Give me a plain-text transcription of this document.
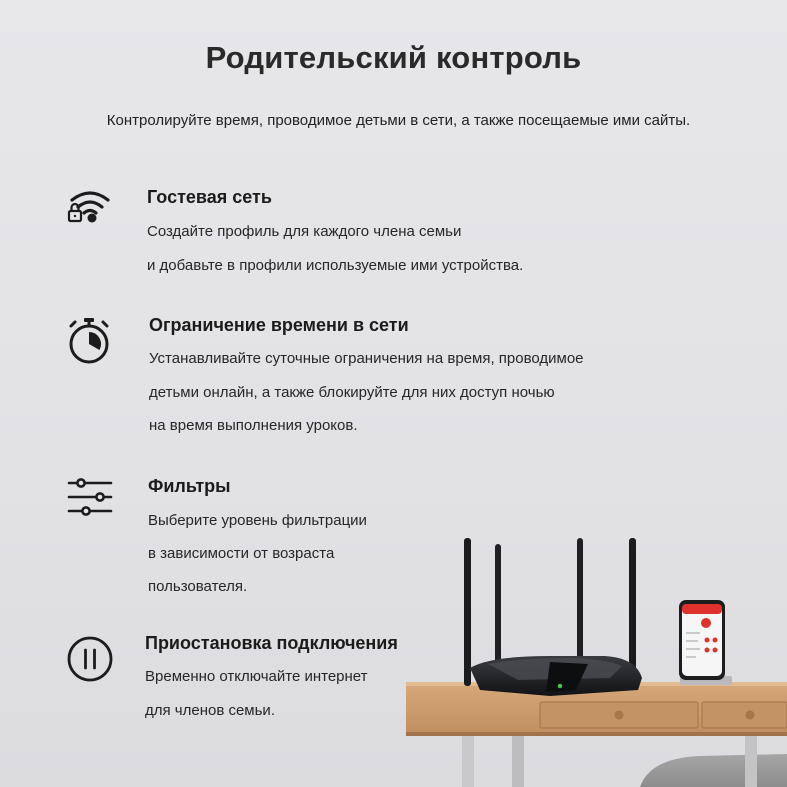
Родительский контроль
Контролируйте время, проводимое детьми в сети, а также посещаемые ими сайты.
Гостевая сеть
Создайте профиль для каждого члена семьи
и добавьте в профили используемые ими устройства.
Ограничение времени в сети
Устанавливайте суточные ограничения на время, проводимое
детьми онлайн, а также блокируйте для них доступ ночью
на время выполнения уроков.
Фильтры
Выберите уровень фильтрации
в зависимости от возраста
пользователя.
Приостановка подключения
Временно отключайте интернет
для членов семьи.
